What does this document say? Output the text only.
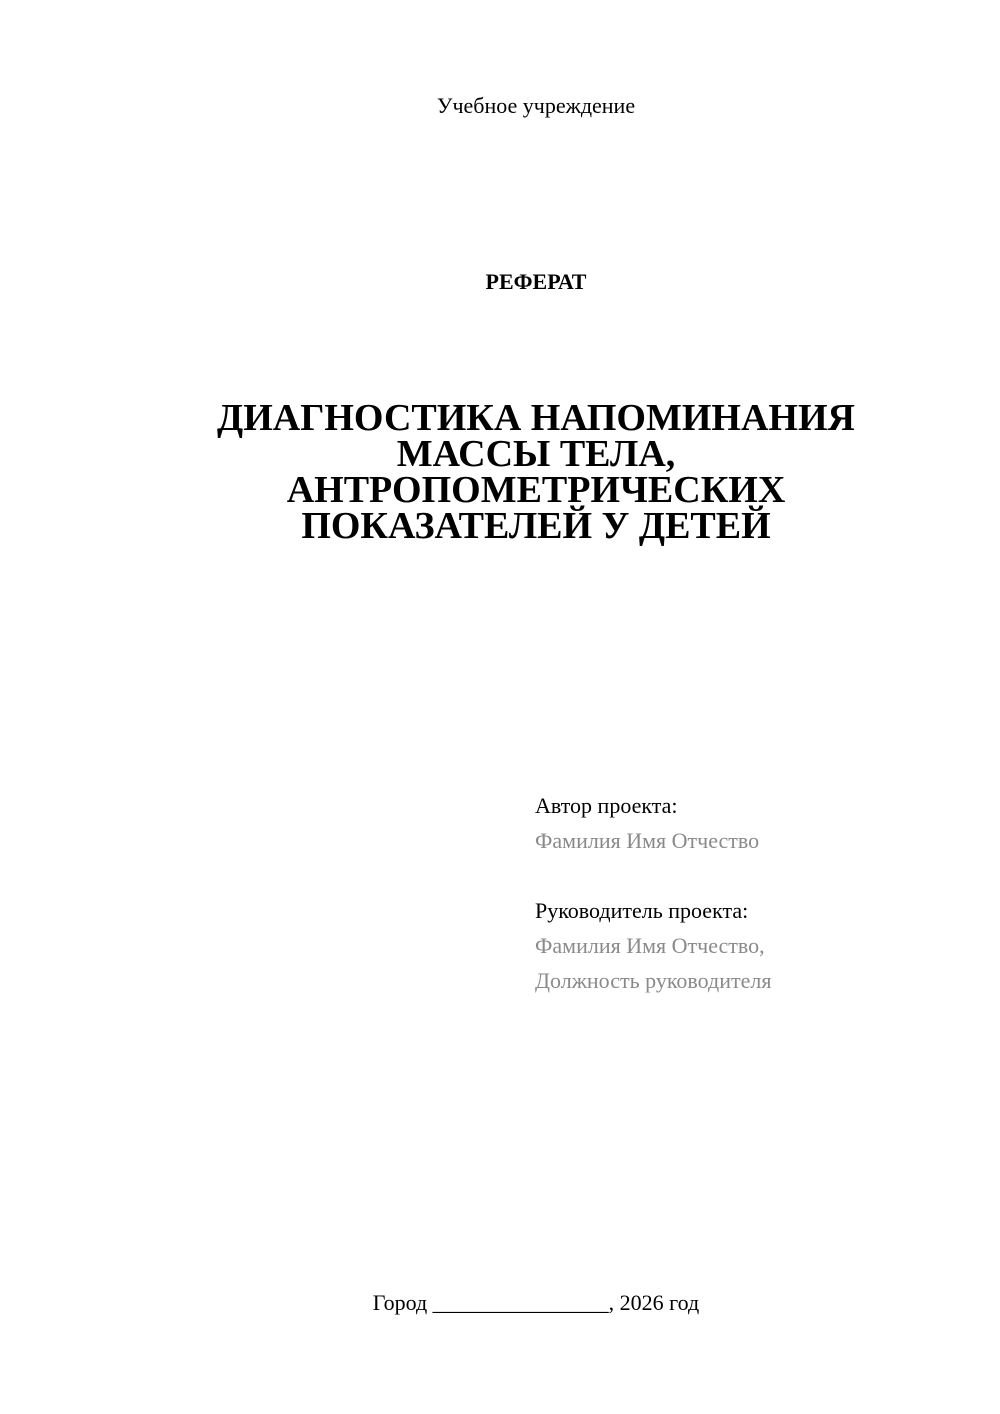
Учебное учреждение
РЕФЕРАТ
ДИАГНОСТИКА НАПОМИНАНИЯ
МАССЫ ТЕЛА,
АНТРОПОМЕТРИЧЕСКИХ
ПОКАЗАТЕЛЕЙ У ДЕТЕЙ
Автор проекта:
Фамилия Имя Отчество
Руководитель проекта:
Фамилия Имя Отчество,
Должность руководителя
Город ________________, 2026 год
